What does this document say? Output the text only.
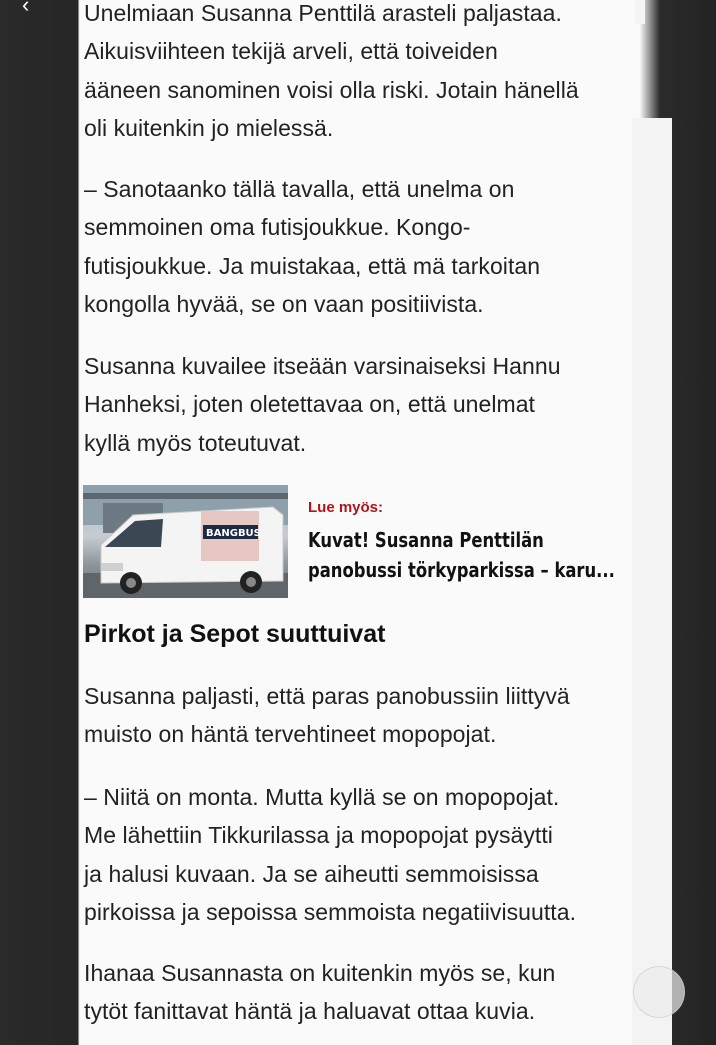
‹	Unelmiaan Susanna Penttilä arasteli paljastaa.
Aikuisviihteen tekijä arveli, että toiveiden
ääneen sanominen voisi olla riski. Jotain hänellä
oli kuitenkin jo mielessä.

– Sanotaanko tällä tavalla, että unelma on
semmoinen oma futisjoukkue. Kongo-
futisjoukkue. Ja muistakaa, että mä tarkoitan
kongolla hyvää, se on vaan positiivista.

Susanna kuvailee itseään varsinaiseksi Hannu
Hanheksi, joten oletettavaa on, että unelmat
kyllä myös toteutuvat.

BANGBUS
Lue myös:
Kuvat! Susanna Penttilän
panobussi törkyparkissa – karu...
Pirkot ja Sepot suuttuivat

Susanna paljasti, että paras panobussiin liittyvä
muisto on häntä tervehtineet mopopojat.

– Niitä on monta. Mutta kyllä se on mopopojat.
Me lähettiin Tikkurilassa ja mopopojat pysäytti
ja halusi kuvaan. Ja se aiheutti semmoisissa
pirkoissa ja sepoissa semmoista negatiivisuutta.

Ihanaa Susannasta on kuitenkin myös se, kun
tytöt fanittavat häntä ja haluavat ottaa kuvia.
